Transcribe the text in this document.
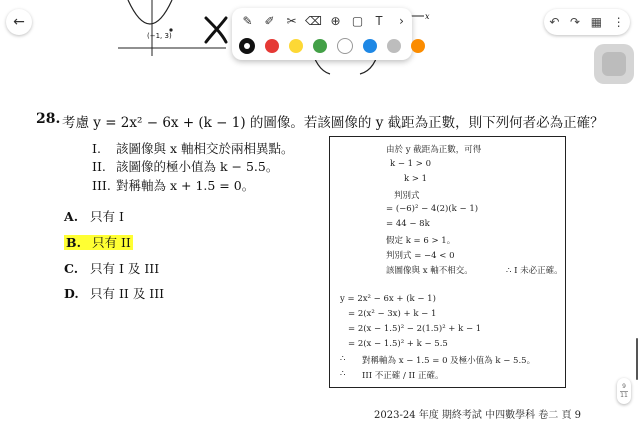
(−1, 3)
x
←	↶ ↷ ▦ ⋮
✎ ✐ ✂ ⌫ ⊕ ▢	Ꭲ	›
28. 考慮 y = 2x² − 6x + (k − 1) 的圖像。若該圖像的 y 截距為正數，則下列何者必為正確？
I. 該圖像與 x 軸相交於兩相異點。
II. 該圖像的極小值為 k − 5.5。
III. 對稱軸為 x + 1.5 = 0。
A. 只有 I
B. 只有 II
C. 只有 I 及 III
D. 只有 II 及 III
由於 y 截距為正數，可得
k − 1 > 0
k > 1
判別式
= (−6)² − 4(2)(k − 1)
= 44 − 8k
假定 k = 6 > 1。
判別式 = −4 < 0
該圖像與 x 軸不相交。	∴ I 未必正確。
y = 2x² − 6x + (k − 1)
= 2(x² − 3x) + k − 1
= 2(x − 1.5)² − 2(1.5)² + k − 1
= 2(x − 1.5)² + k − 5.5
∴ 對稱軸為 x − 1.5 = 0 及極小值為 k − 5.5。
∴ III 不正確 / II 正確。
2023-24 年度 期終考試 中四數學科 卷二 頁 9
9
11
